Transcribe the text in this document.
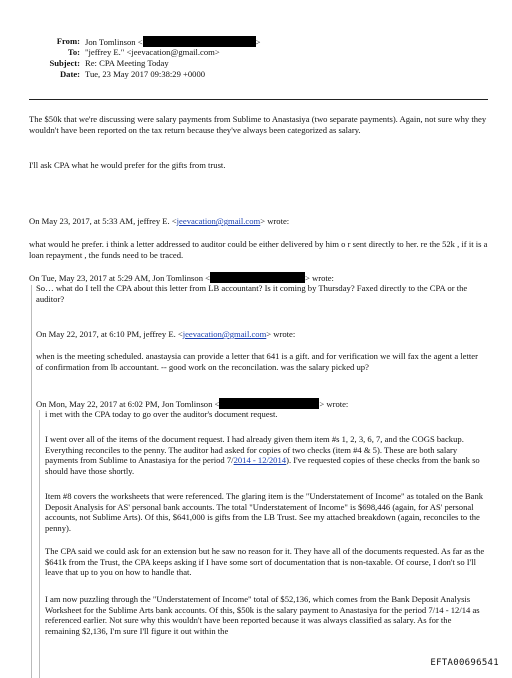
From: Jon Tomlinson <	>
To: "jeffrey E." <jeevacation@gmail.com>
Subject: Re: CPA Meeting Today
Date: Tue, 23 May 2017 09:38:29 +0000
The $50k that we're discussing were salary payments from Sublime to Anastasiya (two separate payments). Again, not sure why they wouldn't have been reported on the tax return because they've always been categorized as salary.
I'll ask CPA what he would prefer for the gifts from trust.
On May 23, 2017, at 5:33 AM, jeffrey E. <jeevacation@gmail.com> wrote:
what would he prefer. i think a letter addressed to auditor could be either delivered by him o r sent directly to her. re the 52k , if it is a loan repayment , the funds need to be traced.
On Tue, May 23, 2017 at 5:29 AM, Jon Tomlinson <	> wrote:
So… what do I tell the CPA about this letter from LB accountant? Is it coming by Thursday? Faxed directly to the CPA or the auditor?
On May 22, 2017, at 6:10 PM, jeffrey E. <jeevacation@gmail.com> wrote:
when is the meeting scheduled. anastaysia can provide a letter that 641 is a gift. and for verification we will fax the agent a letter of confirmation from lb accountant. -- good work on the reconcilation. was the salary picked up?
On Mon, May 22, 2017 at 6:02 PM, Jon Tomlinson <	> wrote:
i met with the CPA today to go over the auditor's document request.
I went over all of the items of the document request. I had already given them item #s 1, 2, 3, 6, 7, and the COGS backup. Everything reconciles to the penny. The auditor had asked for copies of two checks (item #4 & 5). These are both salary payments from Sublime to Anastasiya for the period 7/2014 - 12/2014). I've requested copies of these checks from the bank so should have those shortly.
Item #8 covers the worksheets that were referenced. The glaring item is the "Understatement of Income" as totaled on the Bank Deposit Analysis for AS' personal bank accounts. The total "Understatement of Income" is $698,446 (again, for AS' personal accounts, not Sublime Arts). Of this, $641,000 is gifts from the LB Trust. See my attached breakdown (again, reconciles to the penny).
The CPA said we could ask for an extension but he saw no reason for it. They have all of the documents requested. As far as the $641k from the Trust, the CPA keeps asking if I have some sort of documentation that is non-taxable. Of course, I don't so I'll leave that up to you on how to handle that.
I am now puzzling through the "Understatement of Income" total of $52,136, which comes from the Bank Deposit Analysis Worksheet for the Sublime Arts bank accounts. Of this, $50k is the salary payment to Anastasiya for the period 7/14 - 12/14 as referenced earlier. Not sure why this wouldn't have been reported because it was always classified as salary. As for the remaining $2,136, I'm sure I'll figure it out within the
EFTA00696541
